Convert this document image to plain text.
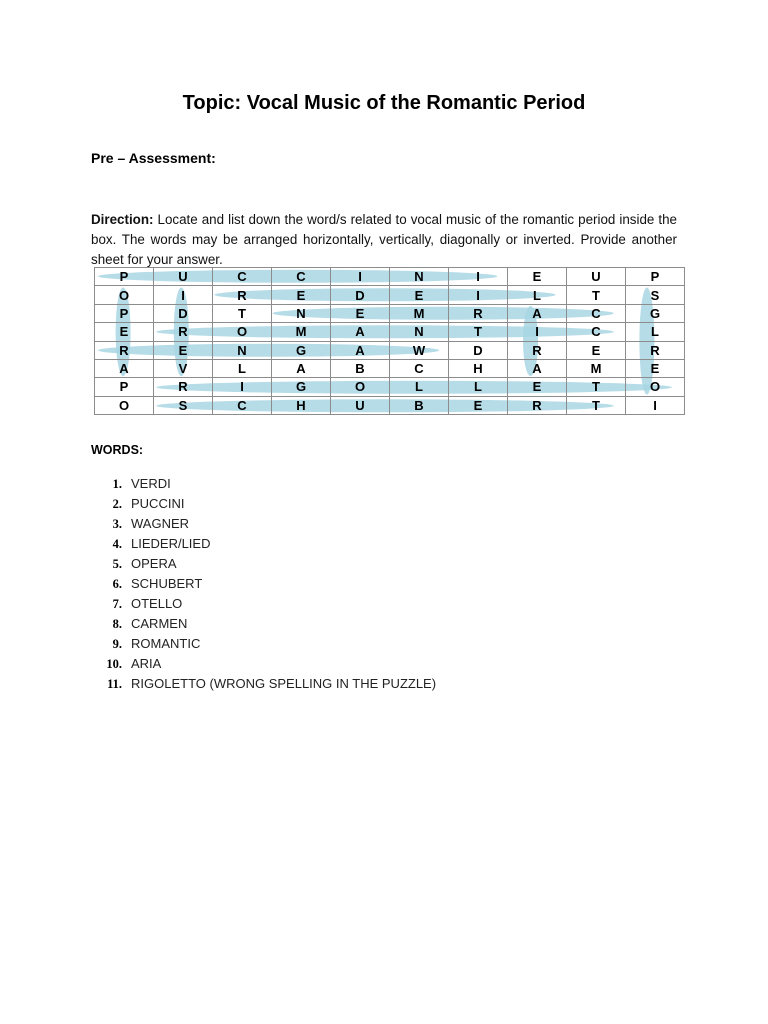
Topic: Vocal Music of the Romantic Period
Pre – Assessment:

Direction: Locate and list down the word/s related to vocal music of the romantic period inside the box. The words may be arranged horizontally, vertically, diagonally or inverted. Provide another sheet for your answer.

P	U	C	C	I	N	I	E	U	P
O	I	R	E	D	E	I	L	T	S
P	D	T	N	E	M	R	A	C	G
E	R	O	M	A	N	T	I	C	L
R	E	N	G	A	W	D	R	E	R
A	V	L	A	B	C	H	A	M	E
P	R	I	G	O	L	L	E	T	O
O	S	C	H	U	B	E	R	T	I
WORDS:
1. VERDI
2. PUCCINI
3. WAGNER
4. LIEDER/LIED
5. OPERA
6. SCHUBERT
7. OTELLO
8. CARMEN
9. ROMANTIC
10. ARIA
11. RIGOLETTO (WRONG SPELLING IN THE PUZZLE)
